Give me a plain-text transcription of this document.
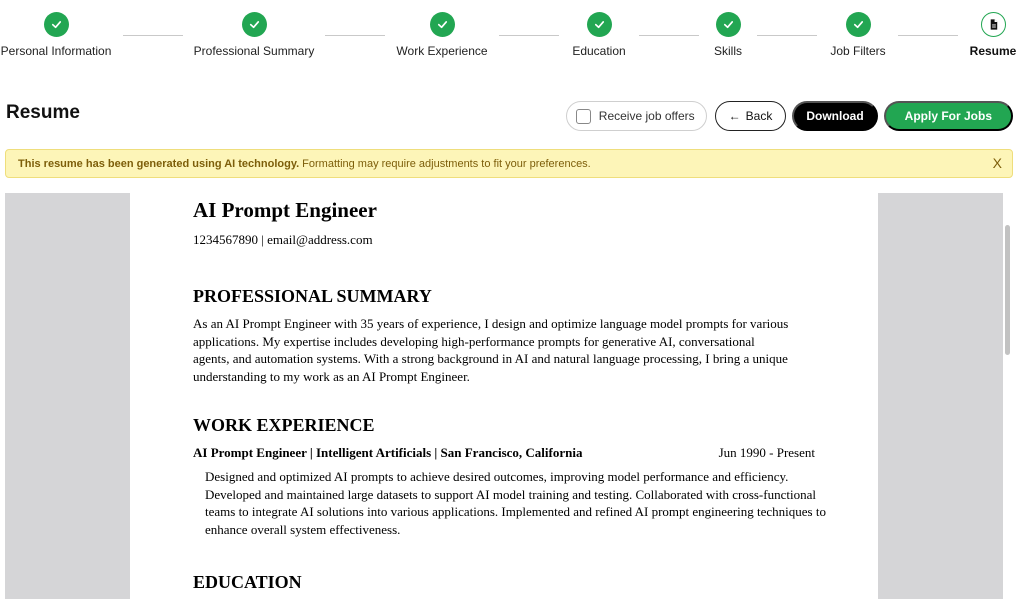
Personal Information	Professional Summary	Work Experience	Education	Skills	Job Filters	Resume
Resume	Receive job offers	← Back	Download	Apply For Jobs
This resume has been generated using AI technology. Formatting may require adjustments to fit your preferences.	X
AI Prompt Engineer
1234567890 | email@address.com
PROFESSIONAL SUMMARY
As an AI Prompt Engineer with 35 years of experience, I design and optimize language model prompts for various applications. My expertise includes developing high-performance prompts for generative AI, conversational agents, and automation systems. With a strong background in AI and natural language processing, I bring a unique understanding to my work as an AI Prompt Engineer.
WORK EXPERIENCE
AI Prompt Engineer | Intelligent Artificials | San Francisco, California	Jun 1990 - Present
Designed and optimized AI prompts to achieve desired outcomes, improving model performance and efficiency. Developed and maintained large datasets to support AI model training and testing. Collaborated with cross-functional teams to integrate AI solutions into various applications. Implemented and refined AI prompt engineering techniques to enhance overall system effectiveness.
EDUCATION
